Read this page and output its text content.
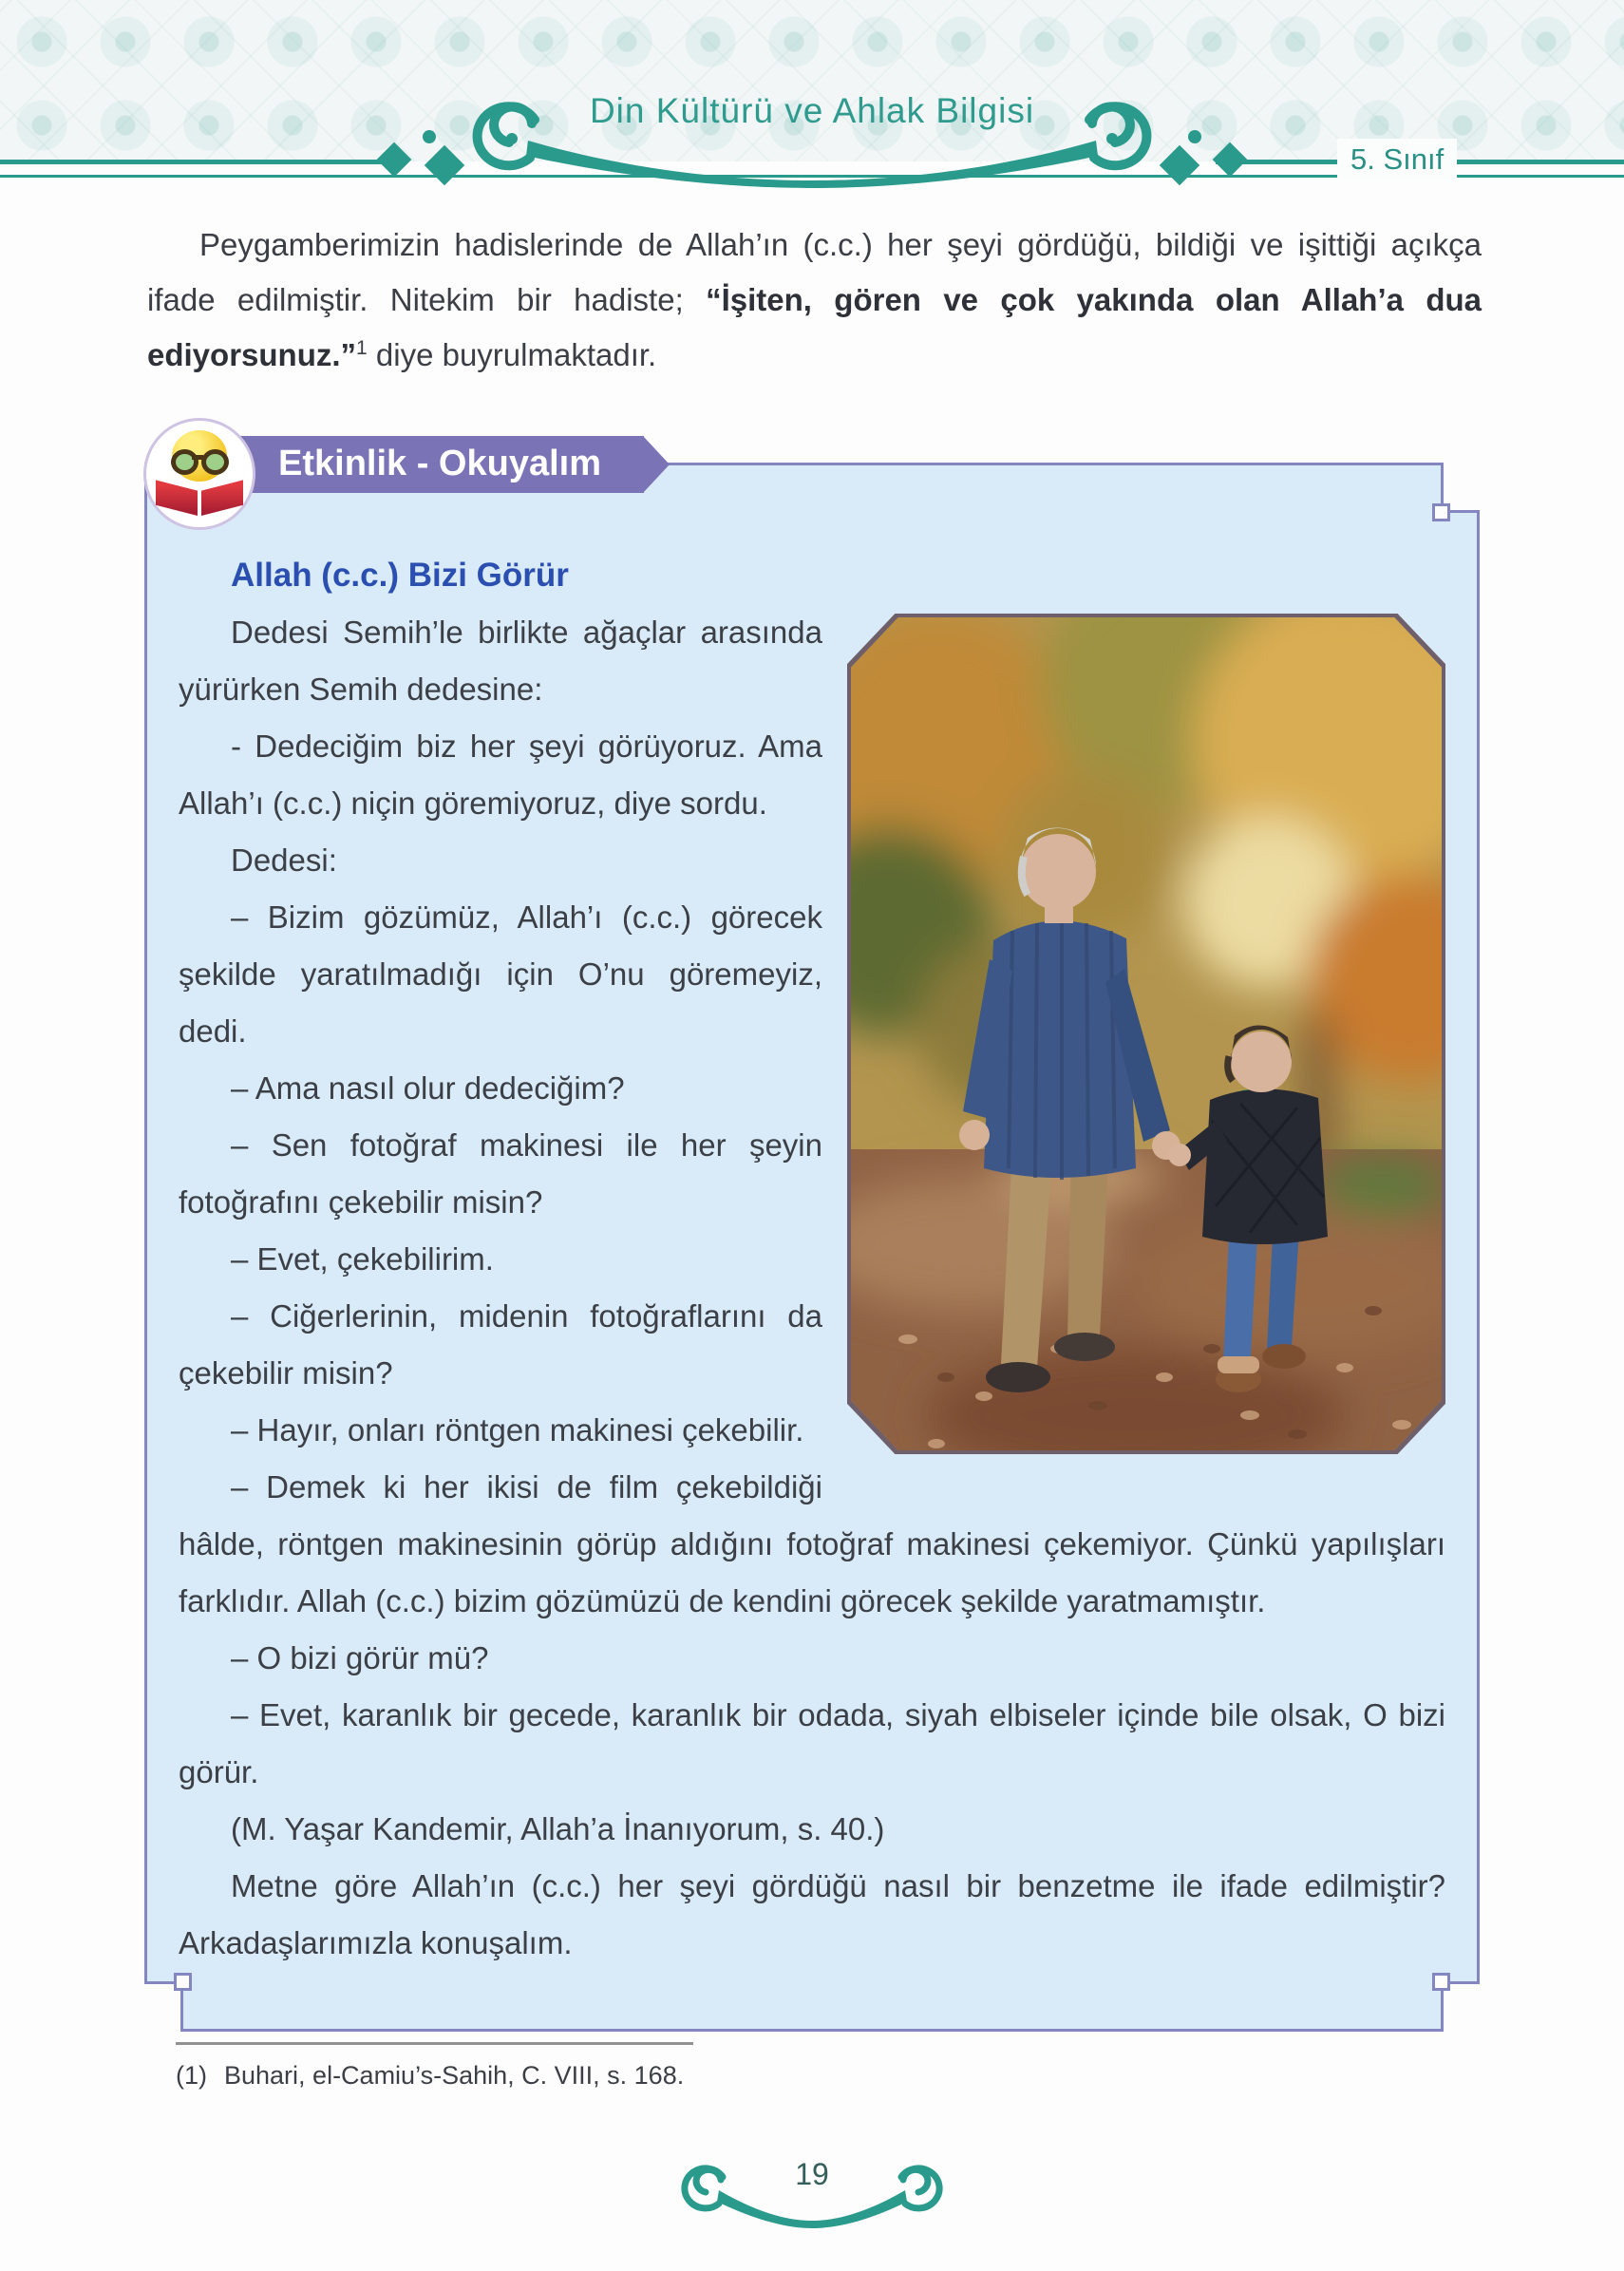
Din Kültürü ve Ahlak Bilgisi
5. Sınıf

Peygamberimizin hadislerinde de Allah’ın (c.c.) her şeyi gördüğü, bildiği ve işittiği açıkça ifade edilmiştir. Nitekim bir hadiste; “İşiten, gören ve çok yakında olan Allah’a dua ediyorsunuz.”$^1$ diye buyrulmaktadır.

Etkinlik - Okuyalım
Allah (c.c.) Bizi Görür

Dedesi Semih’le birlikte ağaçlar arasında yürürken Semih dedesine:

- Dedeciğim biz her şeyi görüyoruz. Ama Allah’ı (c.c.) niçin göremiyoruz, diye sordu.

Dedesi:

– Bizim gözümüz, Allah’ı (c.c.) görecek şekilde yaratılmadığı için O’nu göremeyiz, dedi.

– Ama nasıl olur dedeciğim?

– Sen fotoğraf makinesi ile her şeyin fotoğrafını çekebilir misin?

– Evet, çekebilirim.

– Ciğerlerinin, midenin fotoğraflarını da çekebilir misin?

– Hayır, onları röntgen makinesi çekebilir.

– Demek ki her ikisi de film çekebildiği hâlde, röntgen makinesinin görüp aldığını fotoğraf makinesi çekemiyor. Çünkü yapılışları farklıdır. Allah (c.c.) bizim gözümüzü de kendini görecek şekilde yaratmamıştır.

– O bizi görür mü?

– Evet, karanlık bir gecede, karanlık bir odada, siyah elbiseler içinde bile olsak, O bizi görür.

(M. Yaşar Kandemir, Allah’a İnanıyorum, s. 40.)

Metne göre Allah’ın (c.c.) her şeyi gördüğü nasıl bir benzetme ile ifade edilmiştir? Arkadaşlarımızla konuşalım.

(1) Buhari, el-Camiu’s-Sahih, C. VIII, s. 168.
19
